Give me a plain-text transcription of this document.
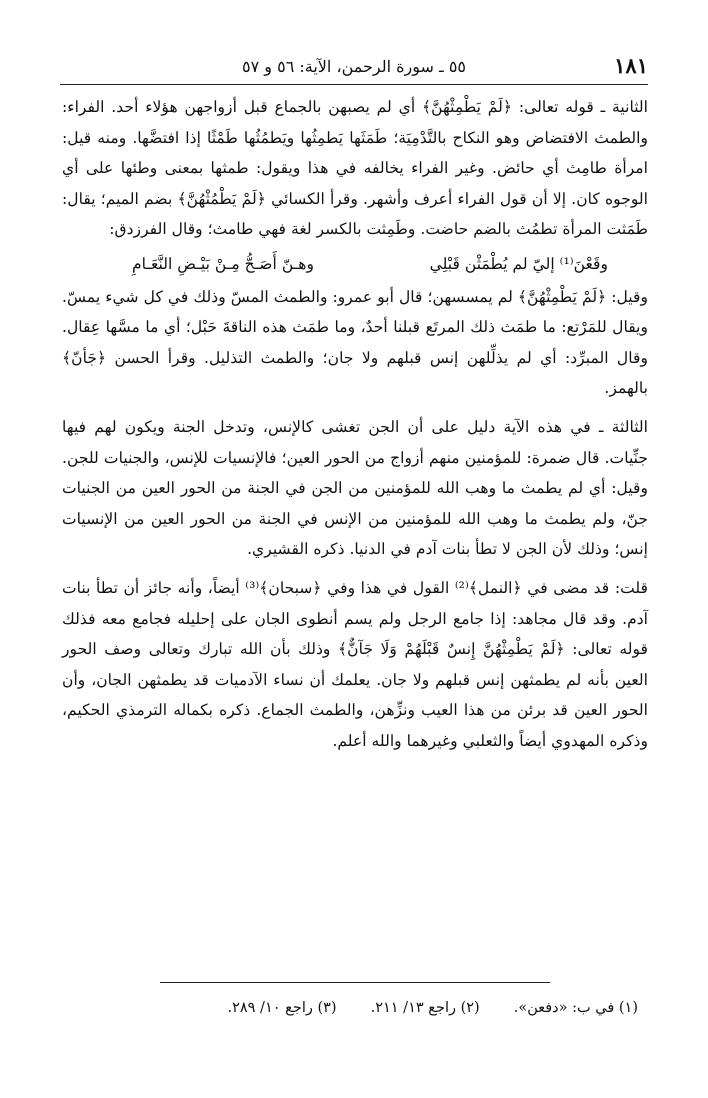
١٨١
٥٥ ـ سورة الرحمن، الآية: ٥٦ و ٥٧

الثانية ـ قوله تعالى: ﴿لَمْ يَطْمِثْهُنَّ﴾ أي لم يصبهن بالجماع قبل أزواجهن هؤلاء أحد. الفراء: والطمث الافتضاض وهو النكاح بالتَّدْمِيَة؛ طَمَثَها يَطمِثُها ويَطمُثُها طَمْثًا إذا افتضَّها. ومنه قيل: امرأة طامِث أي حائض. وغير الفراء يخالفه في هذا ويقول: طمثها بمعنى وطئها على أي الوجوه كان. إلا أن قول الفراء أعرف وأشهر. وقرأ الكسائي ﴿لَمْ يَطْمُثْهُنَّ﴾ بضم الميم؛ يقال: طَمَثت المرأة تطمُث بالضم حاضت. وطَمِثت بالكسر لغة فهي طامث؛ وقال الفرزدق:

وقَعْنَ⁽¹⁾ إليّ لم يُطْمَثْن قَبْلِي
وهـنّ أَصَـحُّ مِـنْ بَيْـضِ النَّعَـامِ

وقيل: ﴿لَمْ يَطْمِثْهُنَّ﴾ لم يمسسهن؛ قال أبو عمرو: والطمث المسّ وذلك في كل شيء يمسّ. ويقال للمَرْتع: ما طمَث ذلك المرتَع قبلنا أحدٌ، وما طمَث هذه الناقةَ حَبْل؛ أي ما مسَّها عِقال. وقال المبرِّد: أي لم يذلِّلهن إنس قبلهم ولا جان؛ والطمث التذليل. وقرأ الحسن ﴿جَأنّ﴾ بالهمز.

الثالثة ـ في هذه الآية دليل على أن الجن تغشى كالإنس، وتدخل الجنة ويكون لهم فيها جنِّيات. قال ضمرة: للمؤمنين منهم أزواج من الحور العين؛ فالإنسيات للإنس، والجنيات للجن. وقيل: أي لم يطمث ما وهب الله للمؤمنين من الجن في الجنة من الحور العين من الجنيات جنّ، ولم يطمث ما وهب الله للمؤمنين من الإنس في الجنة من الحور العين من الإنسيات إنس؛ وذلك لأن الجن لا تطأ بنات آدم في الدنيا. ذكره القشيري.

قلت: قد مضى في ﴿النمل﴾⁽²⁾ القول في هذا وفي ﴿سبحان﴾⁽³⁾ أيضاً، وأنه جائز أن تطأ بنات آدم. وقد قال مجاهد: إذا جامع الرجل ولم يسم أنطوى الجان على إحليله فجامع معه فذلك قوله تعالى: ﴿لَمْ يَطْمِثْهُنَّ إِنسٌ قَبْلَهُمْ وَلَا جَآنٌّ﴾ وذلك بأن الله تبارك وتعالى وصف الحور العين بأنه لم يطمثهن إنس قبلهم ولا جان. يعلمك أن نساء الآدميات قد يطمثهن الجان، وأن الحور العين قد برئن من هذا العيب ونزِّهن، والطمث الجماع. ذكره بكماله الترمذي الحكيم، وذكره المهدوي أيضاً والثعلبي وغيرهما والله أعلم.

(١) في ب: «دفعن».
(٢) راجع ١٣/ ٢١١.
(٣) راجع ١٠/ ٢٨٩.
